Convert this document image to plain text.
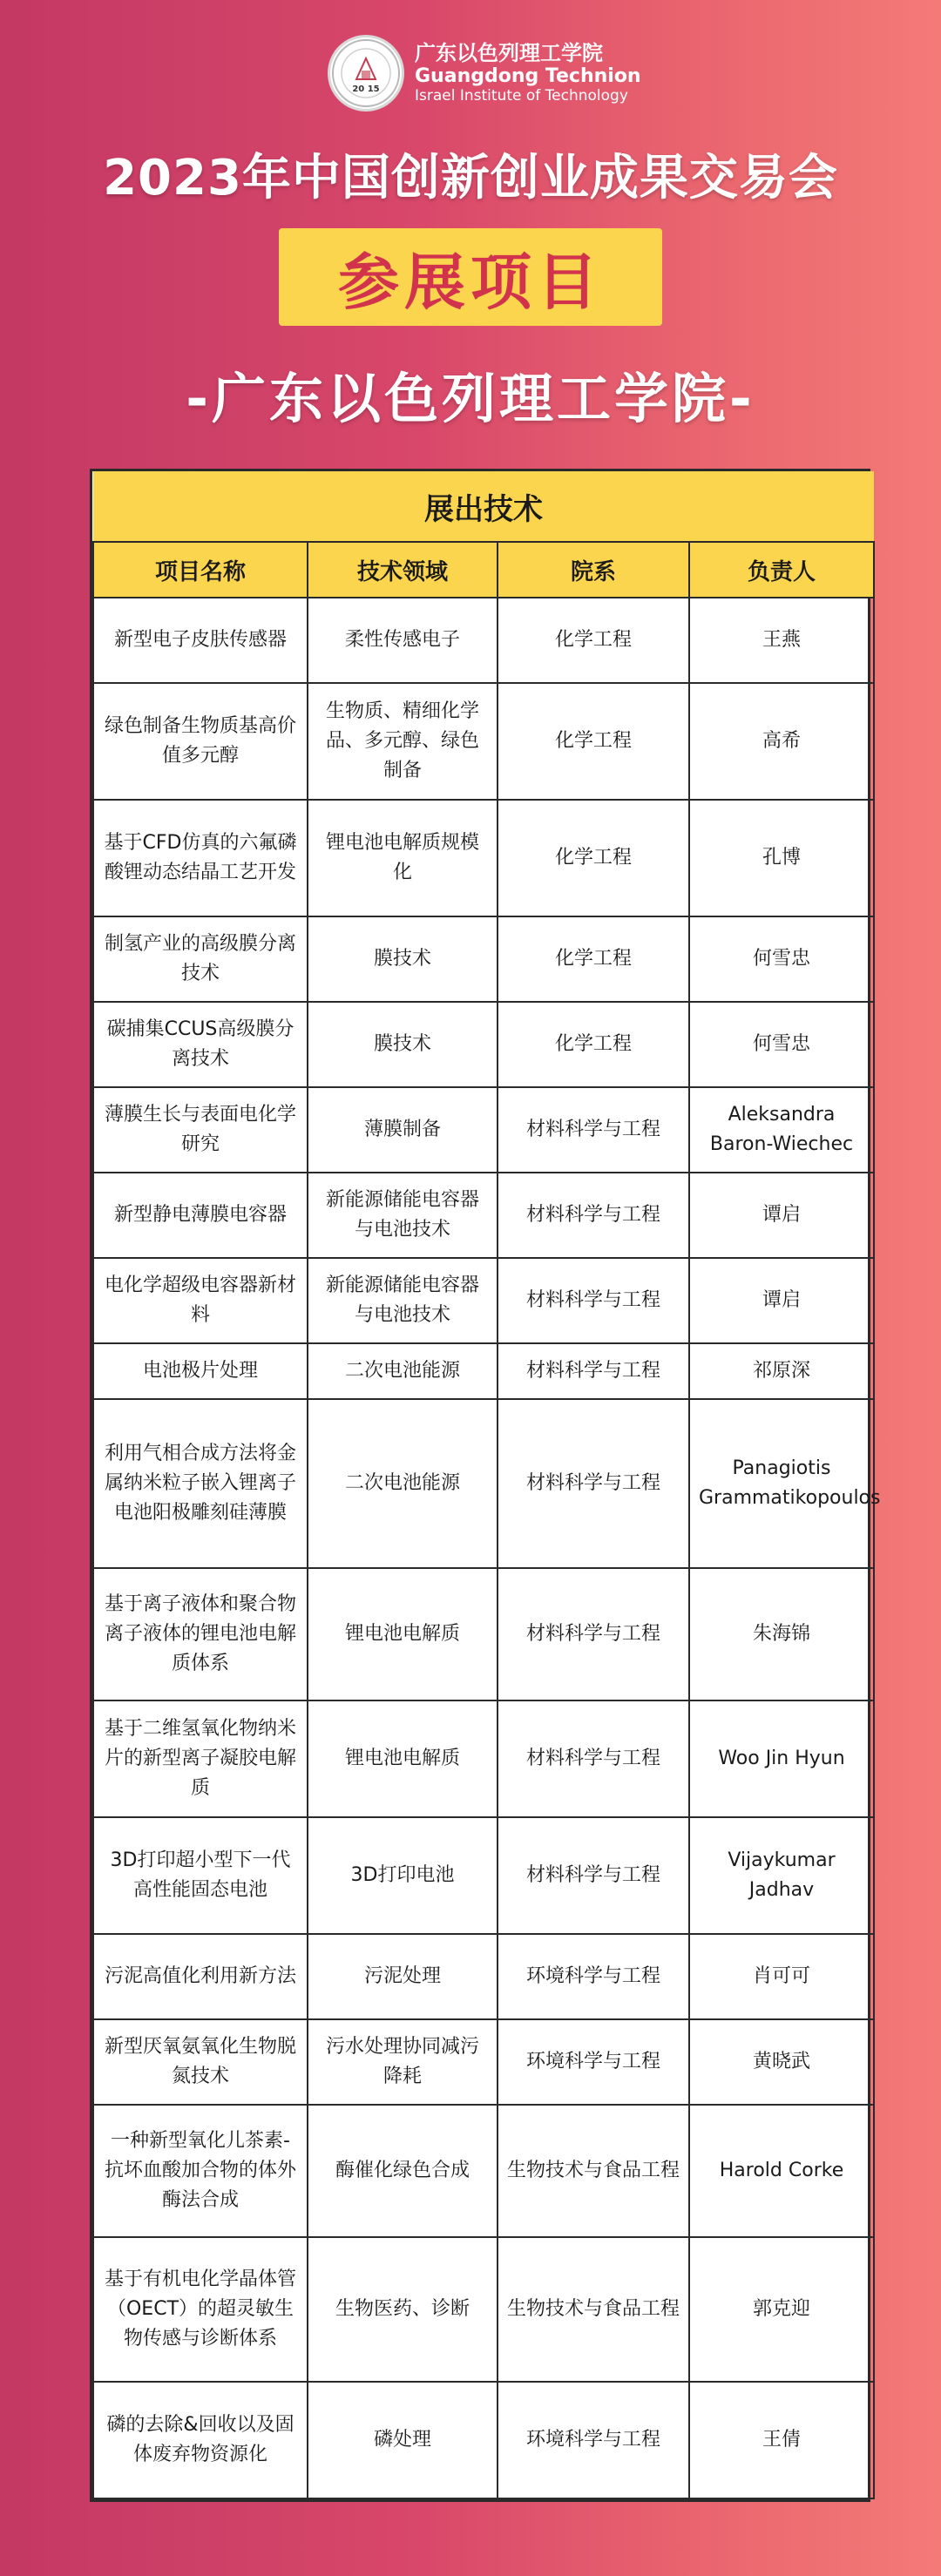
20 15
广东以色列理工学院
Guangdong Technion
Israel Institute of Technology
2023年中国创新创业成果交易会
参展项目
-广东以色列理工学院-
展出技术			
项目名称	技术领域	院系	负责人
新型电子皮肤传感器	柔性传感电子	化学工程	王燕
绿色制备生物质基高价值多元醇	生物质、精细化学品、多元醇、绿色制备	化学工程	高希
基于CFD仿真的六氟磷酸锂动态结晶工艺开发	锂电池电解质规模化	化学工程	孔博
制氢产业的高级膜分离技术	膜技术	化学工程	何雪忠
碳捕集CCUS高级膜分离技术	膜技术	化学工程	何雪忠
薄膜生长与表面电化学研究	薄膜制备	材料科学与工程	Aleksandra Baron-Wiechec
新型静电薄膜电容器	新能源储能电容器与电池技术	材料科学与工程	谭启
电化学超级电容器新材料	新能源储能电容器与电池技术	材料科学与工程	谭启
电池极片处理	二次电池能源	材料科学与工程	祁原深
利用气相合成方法将金属纳米粒子嵌入锂离子电池阳极雕刻硅薄膜	二次电池能源	材料科学与工程	Panagiotis Grammatikopoulos
基于离子液体和聚合物离子液体的锂电池电解质体系	锂电池电解质	材料科学与工程	朱海锦
基于二维氢氧化物纳米片的新型离子凝胶电解质	锂电池电解质	材料科学与工程	Woo Jin Hyun
3D打印超小型下一代高性能固态电池	3D打印电池	材料科学与工程	Vijaykumar Jadhav
污泥高值化利用新方法	污泥处理	环境科学与工程	肖可可
新型厌氧氨氧化生物脱氮技术	污水处理协同减污降耗	环境科学与工程	黄晓武
一种新型氧化儿茶素-抗坏血酸加合物的体外酶法合成	酶催化绿色合成	生物技术与食品工程	Harold Corke
基于有机电化学晶体管（OECT）的超灵敏生物传感与诊断体系	生物医药、诊断	生物技术与食品工程	郭克迎
磷的去除&回收以及固体废弃物资源化	磷处理	环境科学与工程	王倩
